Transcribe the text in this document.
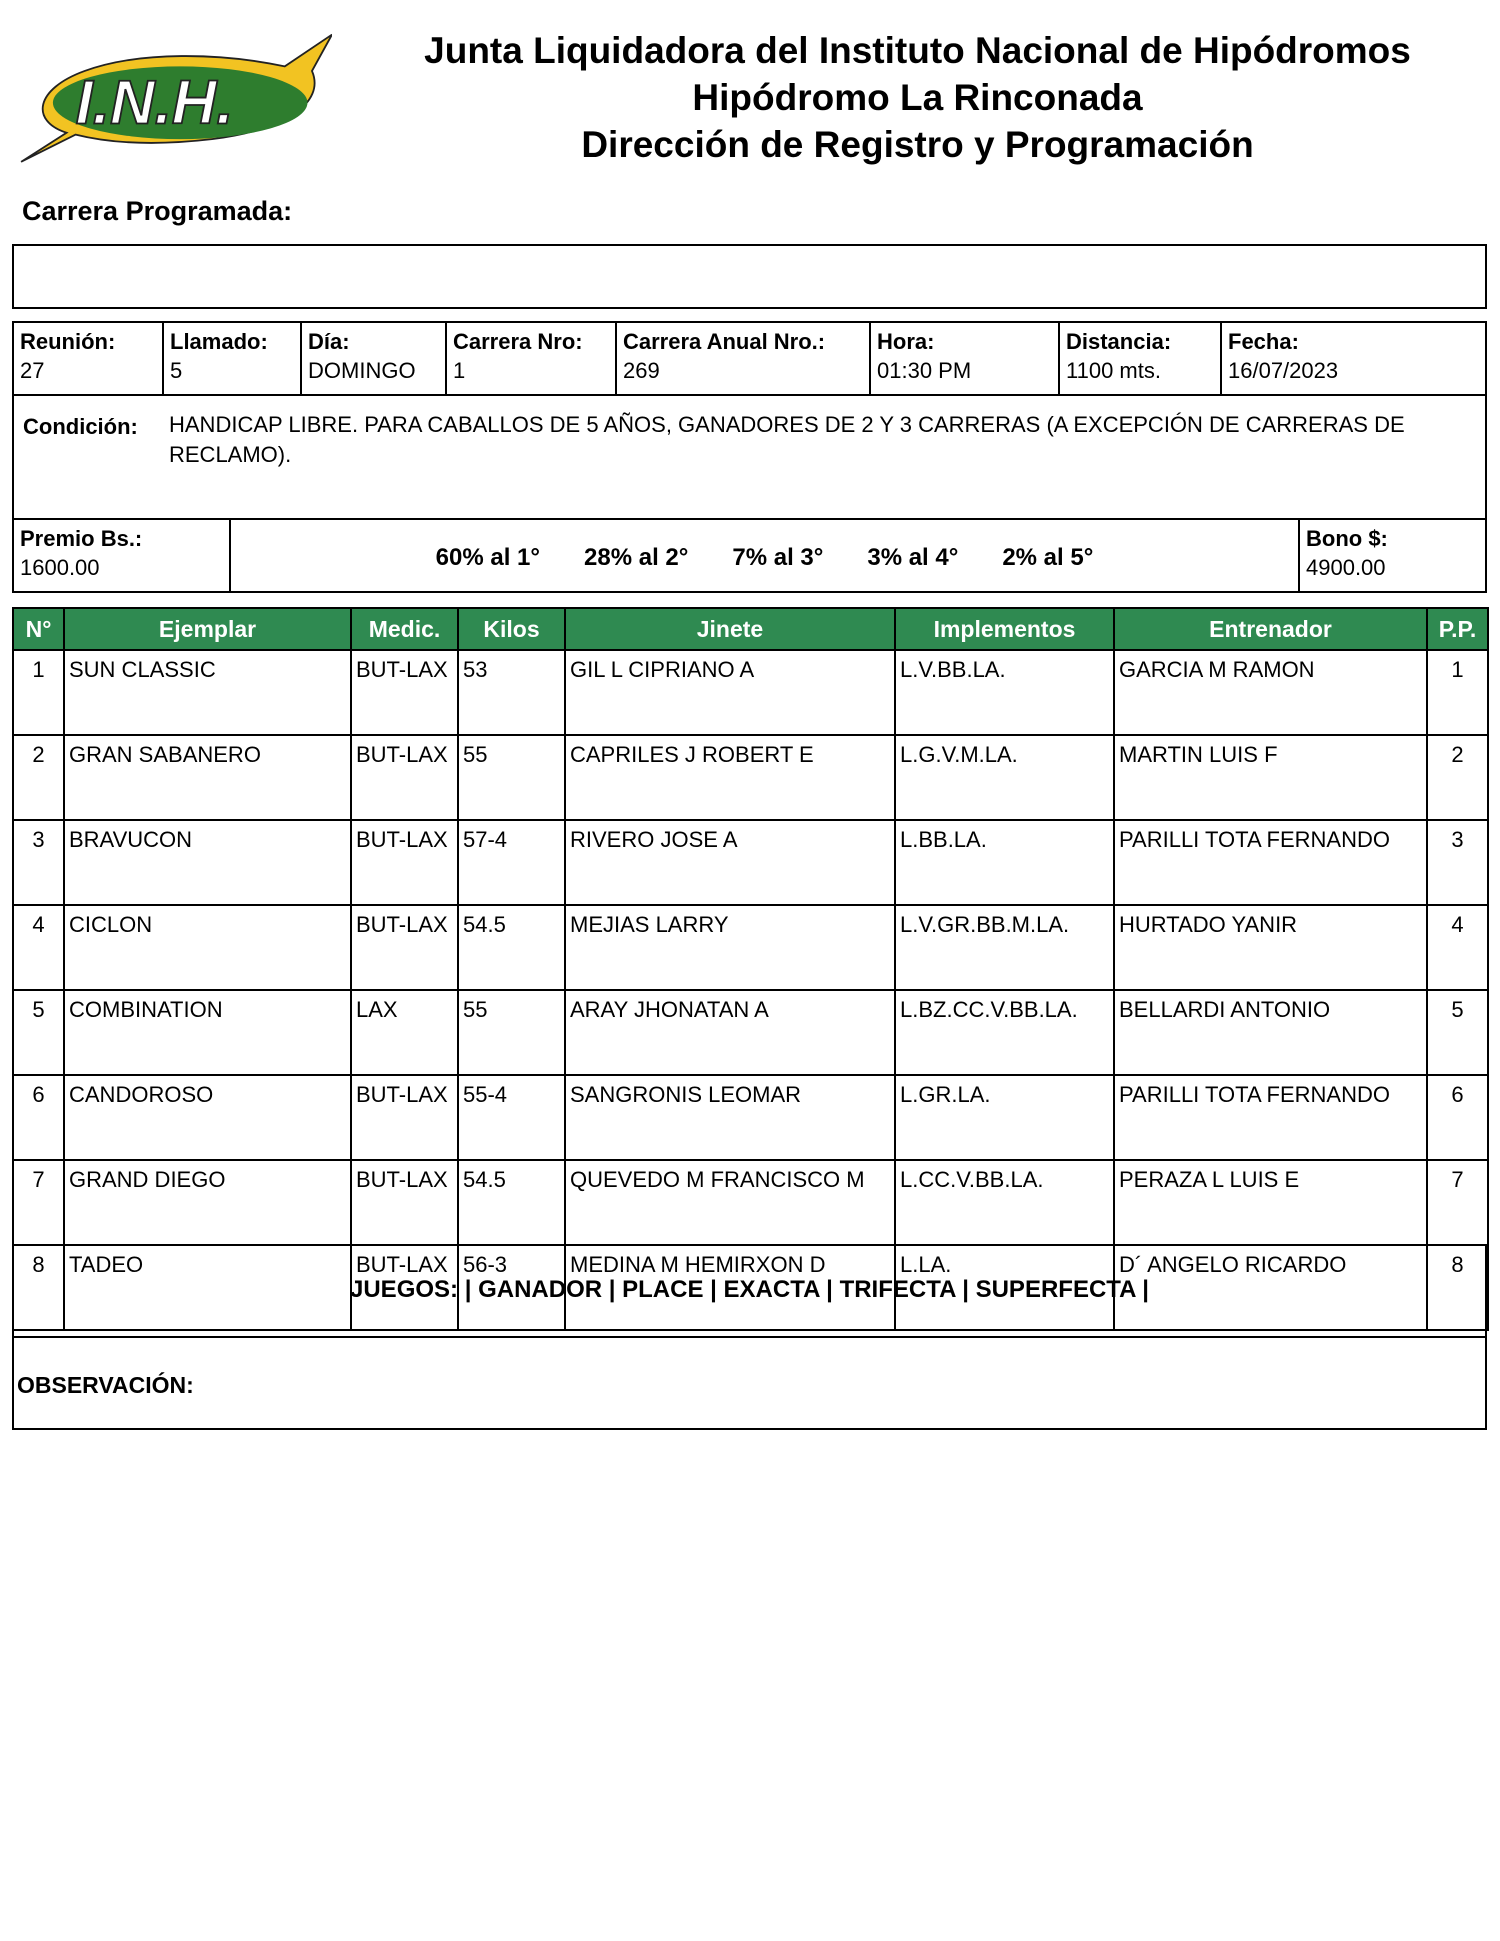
I.N.H.
Junta Liquidadora del Instituto Nacional de Hipódromos
Hipódromo La Rinconada
Dirección de Registro y Programación
Carrera Programada:
Reunión:
27
Llamado:
5
Día:
DOMINGO
Carrera Nro:
1
Carrera Anual Nro.:
269
Hora:
01:30 PM
Distancia:
1100 mts.
Fecha:
16/07/2023
Condición: HANDICAP LIBRE. PARA CABALLOS DE 5 AÑOS, GANADORES DE 2 Y 3 CARRERAS (A EXCEPCIÓN DE CARRERAS DE RECLAMO).
Premio Bs.:
1600.00	60% al 1° 28% al 2° 7% al 3° 3% al 4° 2% al 5°
Bono $:
4900.00
N°	Ejemplar	Medic.	Kilos	Jinete	Implementos	Entrenador	P.P.
1	SUN CLASSIC	BUT-LAX	53	GIL L CIPRIANO A	L.V.BB.LA.	GARCIA M RAMON	1
2	GRAN SABANERO	BUT-LAX	55	CAPRILES J ROBERT E	L.G.V.M.LA.	MARTIN LUIS F	2
3	BRAVUCON	BUT-LAX	57-4	RIVERO JOSE A	L.BB.LA.	PARILLI TOTA FERNANDO	3
4	CICLON	BUT-LAX	54.5	MEJIAS LARRY	L.V.GR.BB.M.LA.	HURTADO YANIR	4
5	COMBINATION	LAX	55	ARAY JHONATAN A	L.BZ.CC.V.BB.LA.	BELLARDI ANTONIO	5
6	CANDOROSO	BUT-LAX	55-4	SANGRONIS LEOMAR	L.GR.LA.	PARILLI TOTA FERNANDO	6
7	GRAND DIEGO	BUT-LAX	54.5	QUEVEDO M FRANCISCO M	L.CC.V.BB.LA.	PERAZA L LUIS E	7
8	TADEO	BUT-LAX	56-3	MEDINA M HEMIRXON D	L.LA.	D´ ANGELO RICARDO	8
JUEGOS: | GANADOR | PLACE | EXACTA | TRIFECTA | SUPERFECTA |
OBSERVACIÓN:
